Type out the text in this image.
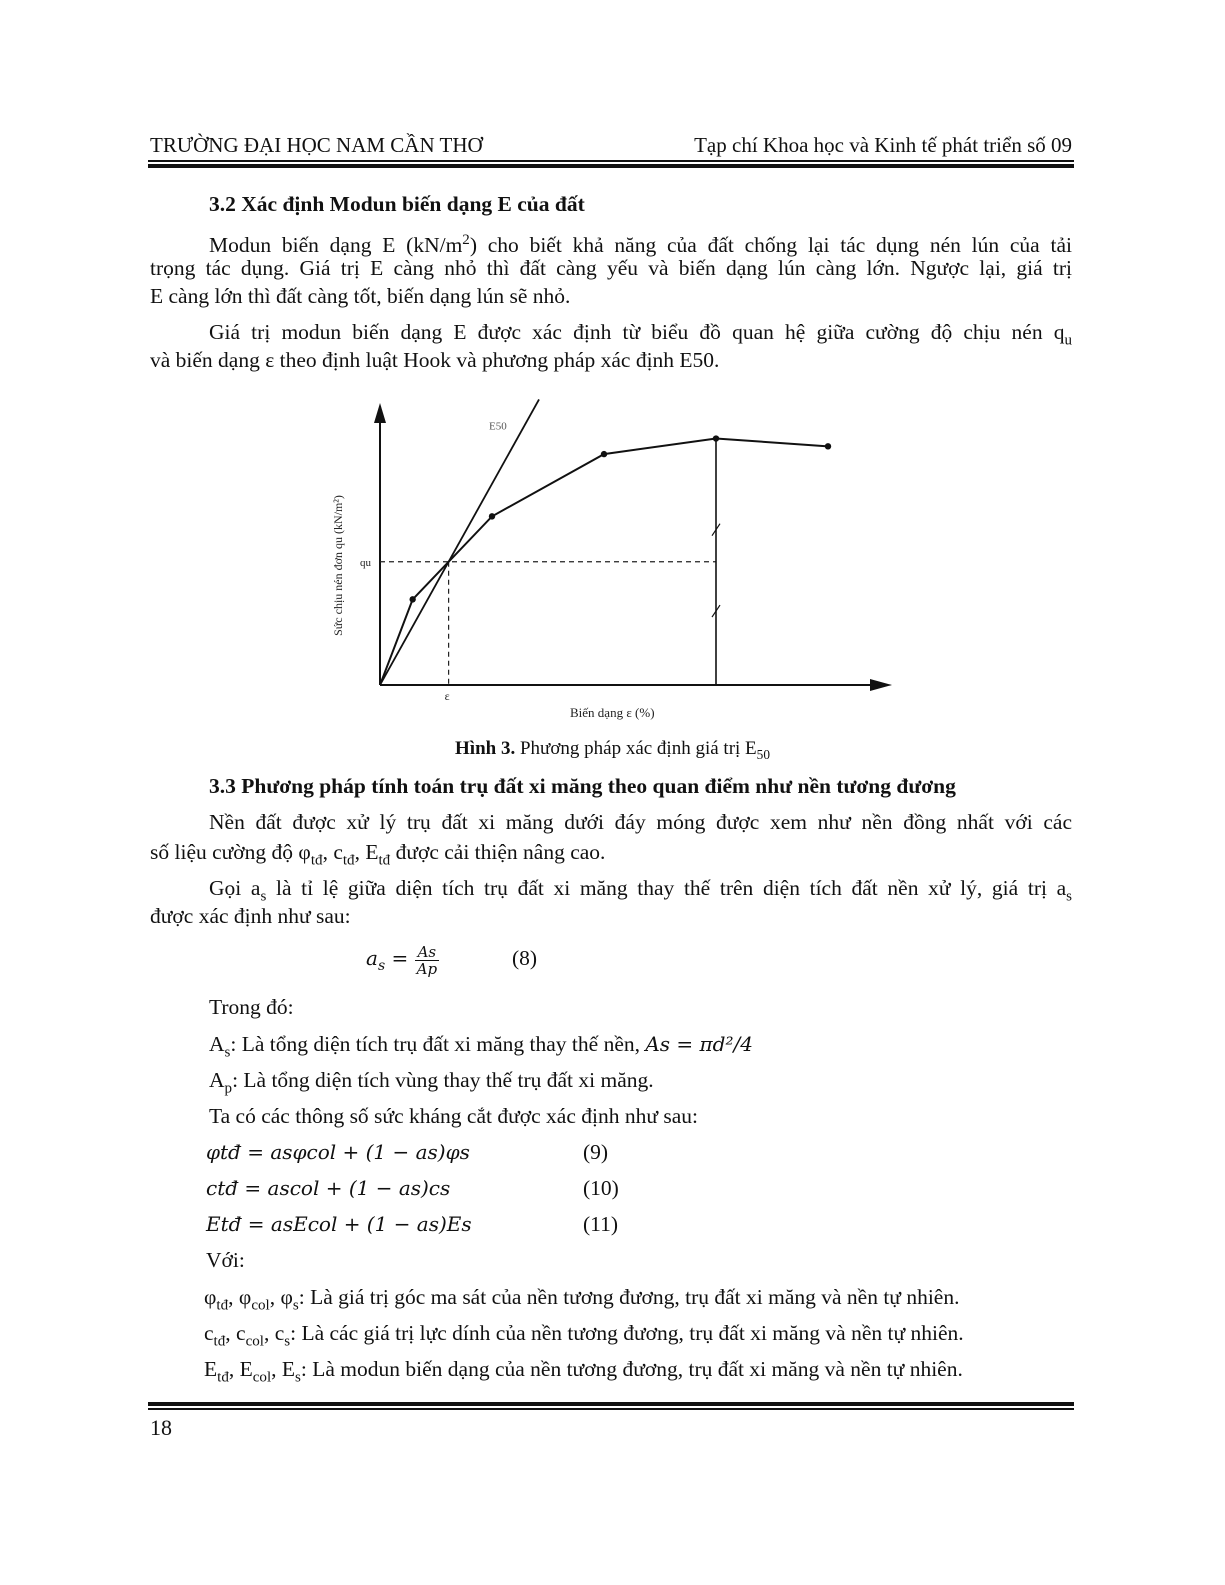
TRƯỜNG ĐẠI HỌC NAM CẦN THƠ	Tạp chí Khoa học và Kinh tế phát triển số 09
3.2 Xác định Modun biến dạng E của đất
Modun biến dạng E $(kN/m^2)$ cho biết khả năng của đất chống lại tác dụng nén lún của tải
trọng tác dụng. Giá trị E càng nhỏ thì đất càng yếu và biến dạng lún càng lớn. Ngược lại, giá trị
E càng lớn thì đất càng tốt, biến dạng lún sẽ nhỏ.
Giá trị modun biến dạng E được xác định từ biểu đồ quan hệ giữa cường độ chịu nén $q_u$
và biến dạng ε theo định luật Hook và phương pháp xác định E50.
E50
qu
ε
Sức chịu nén đơn qu (kN/m²)
Biến dạng ε (%)
Hình 3. Phương pháp xác định giá trị $E_{50}$
3.3 Phương pháp tính toán trụ đất xi măng theo quan điểm như nền tương đương
Nền đất được xử lý trụ đất xi măng dưới đáy móng được xem như nền đồng nhất với các
số liệu cường độ $\varphi_{tđ}$, $c_{tđ}$, $E_{tđ}$ được cải thiện nâng cao.
Gọi $a_s$ là tỉ lệ giữa diện tích trụ đất xi măng thay thế trên diện tích đất nền xử lý, giá trị $a_s$
được xác định như sau:
$a_s = \frac{As}{Ap}$	(8)
Trong đó:
$A_s$: Là tổng diện tích trụ đất xi măng thay thế nền, As = πd²/4
$A_p$: Là tổng diện tích vùng thay thế trụ đất xi măng.
Ta có các thông số sức kháng cắt được xác định như sau:
φtđ = asφcol + (1 − as)φs	(9)
ctđ = ascol + (1 − as)cs	(10)
Etđ = asEcol + (1 − as)Es	(11)
Với:
$\varphi_{tđ}$, $\varphi_{col}$, $\varphi_s$: Là giá trị góc ma sát của nền tương đương, trụ đất xi măng và nền tự nhiên.
$c_{tđ}$, $c_{col}$, $c_s$: Là các giá trị lực dính của nền tương đương, trụ đất xi măng và nền tự nhiên.
$E_{tđ}$, $E_{col}$, $E_s$: Là modun biến dạng của nền tương đương, trụ đất xi măng và nền tự nhiên.
18
